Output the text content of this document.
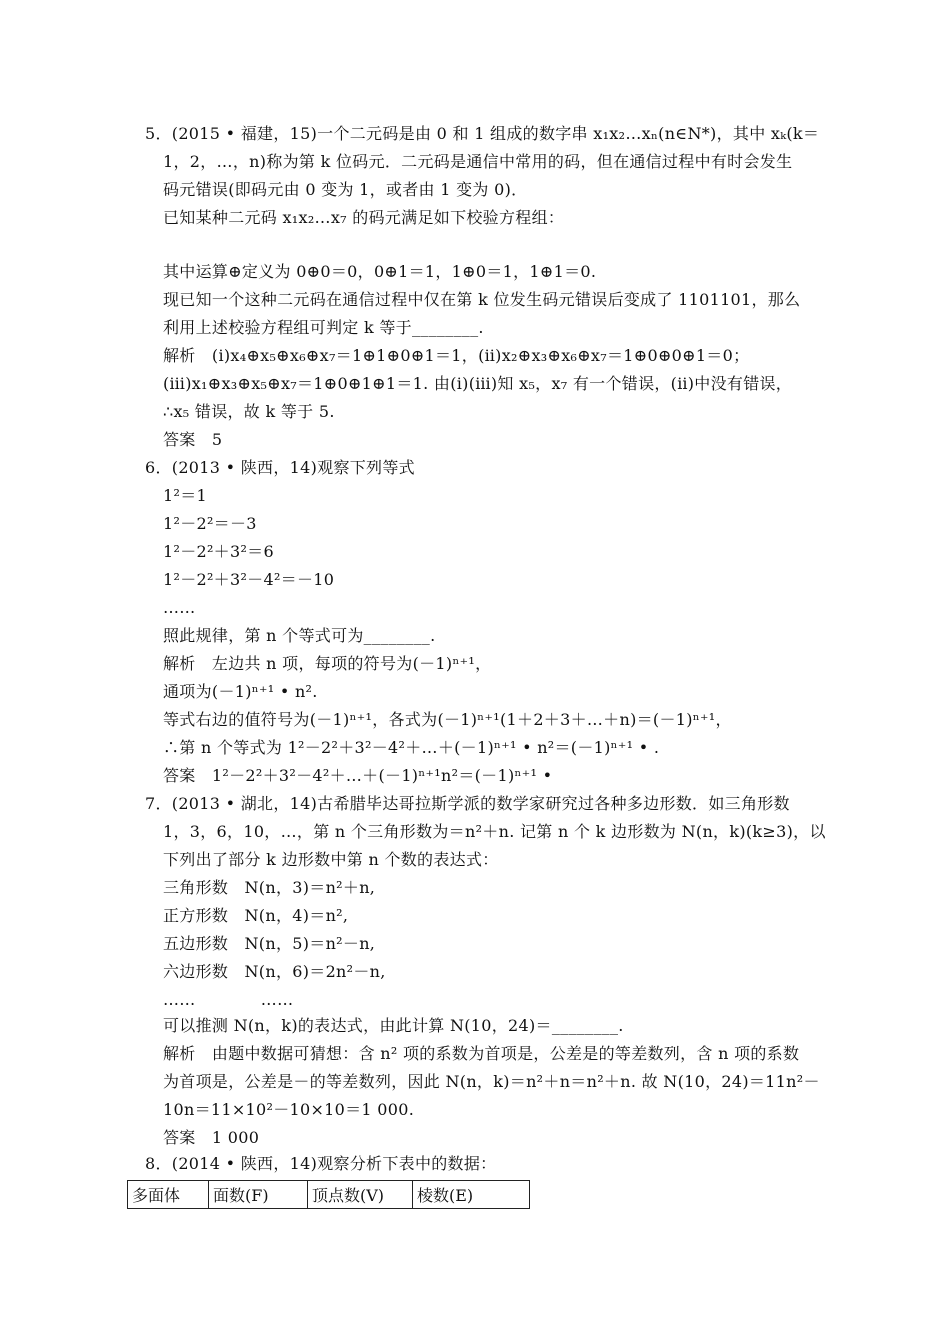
5．(2015 • 福建，15)一个二元码是由 0 和 1 组成的数字串 x₁x₂…xₙ(n∈N*)，其中 xₖ(k＝
1，2，…，n)称为第 k 位码元．二元码是通信中常用的码，但在通信过程中有时会发生
码元错误(即码元由 0 变为 1，或者由 1 变为 0)．
已知某种二元码 x₁x₂…x₇ 的码元满足如下校验方程组：
其中运算⊕定义为 0⊕0＝0，0⊕1＝1，1⊕0＝1，1⊕1＝0.
现已知一个这种二元码在通信过程中仅在第 k 位发生码元错误后变成了 1101101，那么
利用上述校验方程组可判定 k 等于________.
解析　(ⅰ)x₄⊕x₅⊕x₆⊕x₇＝1⊕1⊕0⊕1＝1，(ⅱ)x₂⊕x₃⊕x₆⊕x₇＝1⊕0⊕0⊕1＝0；
(ⅲ)x₁⊕x₃⊕x₅⊕x₇＝1⊕0⊕1⊕1＝1. 由(ⅰ)(ⅲ)知 x₅，x₇ 有一个错误，(ⅱ)中没有错误，
∴x₅ 错误，故 k 等于 5.
答案　5
6．(2013 • 陕西，14)观察下列等式
1²＝1
1²－2²＝－3
1²－2²＋3²＝6
1²－2²＋3²－4²＝－10
……
照此规律，第 n 个等式可为________.
解析　左边共 n 项，每项的符号为(－1)ⁿ⁺¹，
通项为(－1)ⁿ⁺¹ • n².
等式右边的值符号为(－1)ⁿ⁺¹，各式为(－1)ⁿ⁺¹(1＋2＋3＋…＋n)＝(－1)ⁿ⁺¹，
∴第 n 个等式为 1²－2²＋3²－4²＋…＋(－1)ⁿ⁺¹ • n²＝(－1)ⁿ⁺¹ • .
答案　1²－2²＋3²－4²＋…＋(－1)ⁿ⁺¹n²＝(－1)ⁿ⁺¹ •
7．(2013 • 湖北，14)古希腊毕达哥拉斯学派的数学家研究过各种多边形数．如三角形数
1，3，6，10，…，第 n 个三角形数为＝n²＋n. 记第 n 个 k 边形数为 N(n，k)(k≥3)，以
下列出了部分 k 边形数中第 n 个数的表达式：
三角形数　N(n，3)＝n²＋n,
正方形数　N(n，4)＝n²,
五边形数　N(n，5)＝n²－n,
六边形数　N(n，6)＝2n²－n,
……　　　　……
可以推测 N(n，k)的表达式，由此计算 N(10，24)＝________.
解析　由题中数据可猜想：含 n² 项的系数为首项是，公差是的等差数列，含 n 项的系数
为首项是，公差是－的等差数列，因此 N(n，k)＝n²＋n＝n²＋n. 故 N(10，24)＝11n²－
10n＝11×10²－10×10＝1 000.
答案　1 000
8．(2014 • 陕西，14)观察分析下表中的数据：
多面体	面数(F)	顶点数(V)	棱数(E)
